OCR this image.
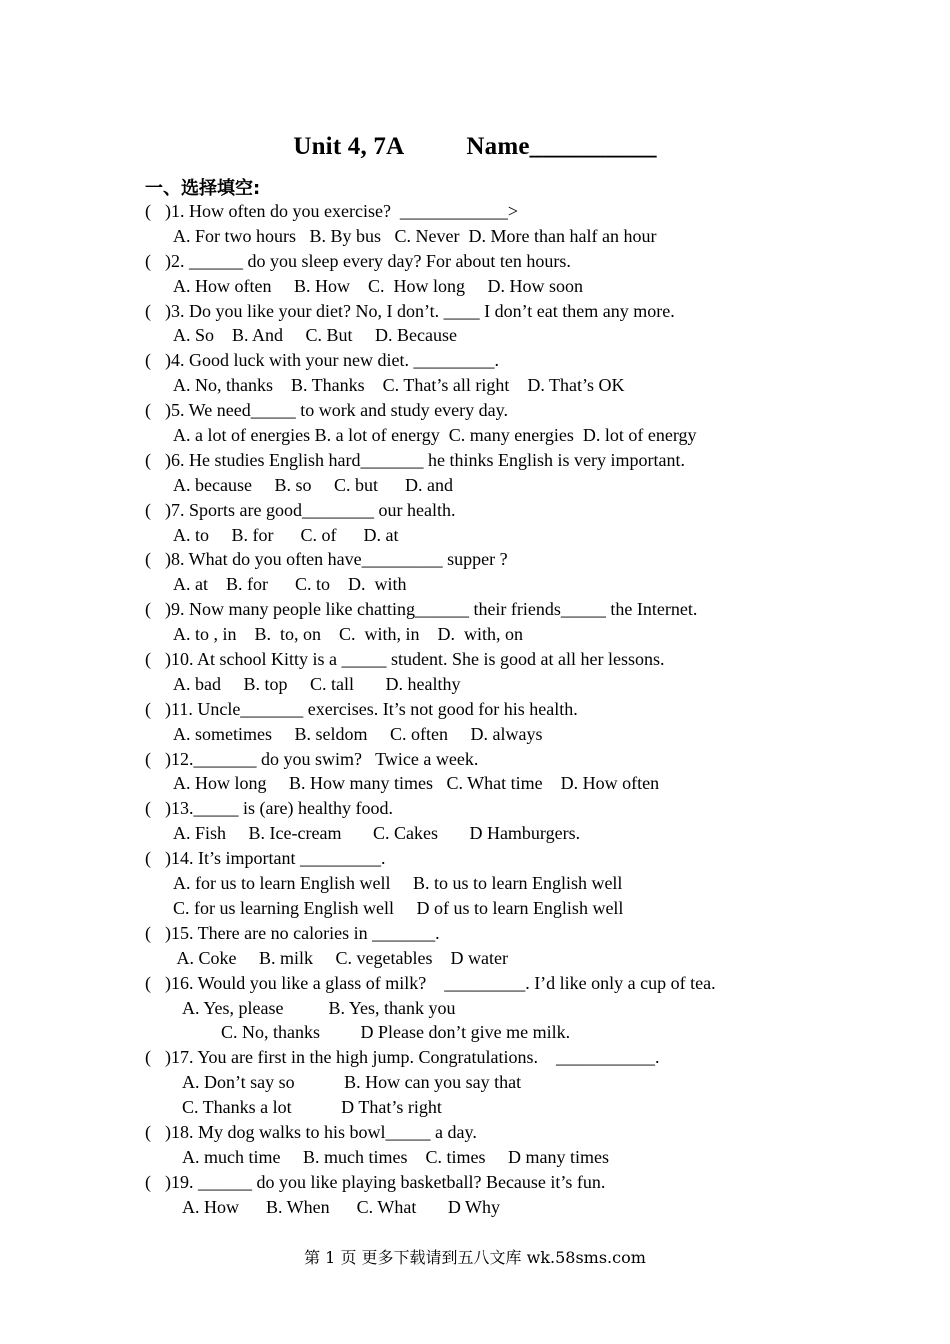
Unit 4, 7A Name__________
一、选择填空:
( )1. How often do you exercise?  ____________>
A. For two hours   B. By bus   C. Never  D. More than half an hour
( )2. ______ do you sleep every day? For about ten hours.
A. How often     B. How    C.  How long     D. How soon
( )3. Do you like your diet? No, I don’t. ____ I don’t eat them any more.
A. So    B. And     C. But     D. Because
( )4. Good luck with your new diet. _________.
A. No, thanks    B. Thanks    C. That’s all right    D. That’s OK
( )5. We need_____ to work and study every day.
A. a lot of energies B. a lot of energy  C. many energies  D. lot of energy
( )6. He studies English hard_______ he thinks English is very important.
A. because     B. so     C. but      D. and
( )7. Sports are good________ our health.
A. to     B. for      C. of      D. at
( )8. What do you often have_________ supper ?
A. at    B. for      C. to    D.  with
( )9. Now many people like chatting______ their friends_____ the Internet.
A. to , in    B.  to, on    C.  with, in    D.  with, on
( )10. At school Kitty is a _____ student. She is good at all her lessons.
A. bad     B. top     C. tall       D. healthy
( )11. Uncle_______ exercises. It’s not good for his health.
A. sometimes     B. seldom     C. often     D. always
( )12._______ do you swim?   Twice a week.
A. How long     B. How many times   C. What time    D. How often
( )13._____ is (are) healthy food.
A. Fish     B. Ice-cream       C. Cakes       D Hamburgers.
( )14. It’s important _________.
A. for us to learn English well     B. to us to learn English well
C. for us learning English well     D of us to learn English well
( )15. There are no calories in _______.
A. Coke     B. milk     C. vegetables    D water
( )16. Would you like a glass of milk?    _________. I’d like only a cup of tea.
A. Yes, please          B. Yes, thank you
C. No, thanks         D Please don’t give me milk.
( )17. You are first in the high jump. Congratulations.    ___________.
A. Don’t say so           B. How can you say that
C. Thanks a lot           D That’s right
( )18. My dog walks to his bowl_____ a day.
A. much time     B. much times    C. times     D many times
( )19. ______ do you like playing basketball? Because it’s fun.
A. How      B. When      C. What       D Why
第 1 页 更多下载请到五八文库 wk.58sms.com
